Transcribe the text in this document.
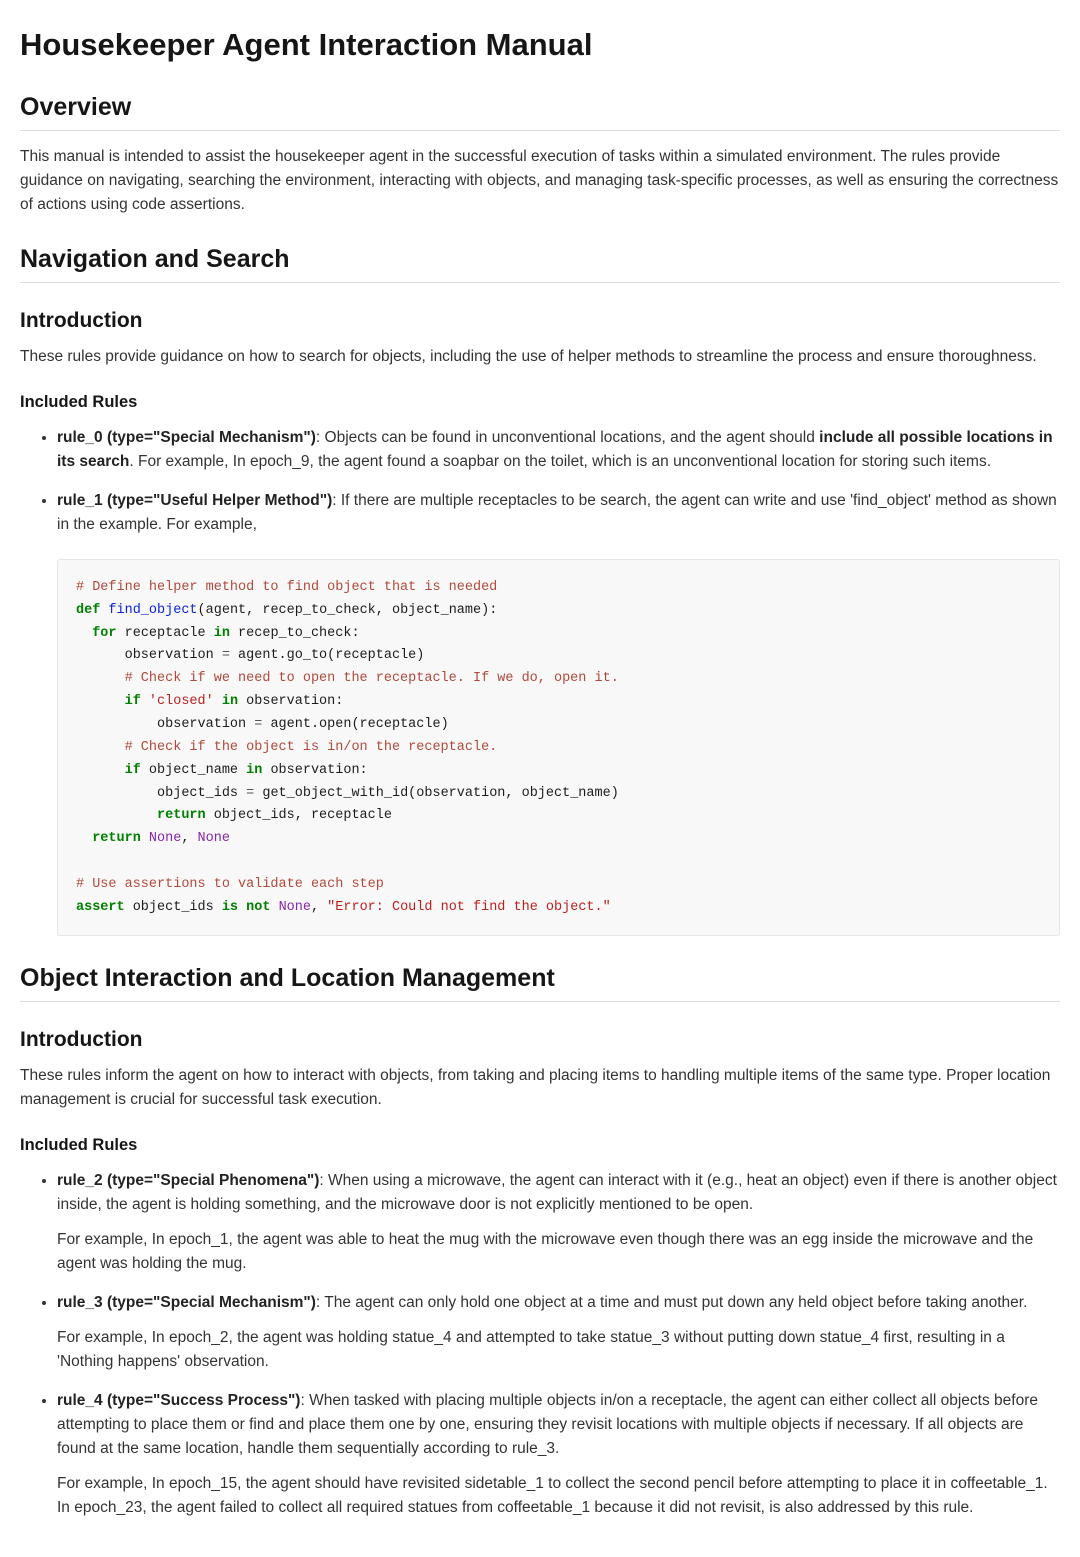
Housekeeper Agent Interaction Manual
Overview

This manual is intended to assist the housekeeper agent in the successful execution of tasks within a simulated environment. The rules provide guidance on navigating, searching the environment, interacting with objects, and managing task-specific processes, as well as ensuring the correctness of actions using code assertions.

Navigation and Search
Introduction

These rules provide guidance on how to search for objects, including the use of helper methods to streamline the process and ensure thoroughness.

Included Rules

• rule_0 (type="Special Mechanism"): Objects can be found in unconventional locations, and the agent should include all possible locations in its search. For example, In epoch_9, the agent found a soapbar on the toilet, which is an unconventional location for storing such items.

• rule_1 (type="Useful Helper Method"): If there are multiple receptacles to be search, the agent can write and use 'find_object' method as shown in the example. For example,

# Define helper method to find object that is needed
def find_object(agent, recep_to_check, object_name):
for receptacle in recep_to_check:
observation = agent.go_to(receptacle)
# Check if we need to open the receptacle. If we do, open it.
if 'closed' in observation:
observation = agent.open(receptacle)
# Check if the object is in/on the receptacle.
if object_name in observation:
object_ids = get_object_with_id(observation, object_name)
return object_ids, receptacle
return None, None

# Use assertions to validate each step
assert object_ids is not None, "Error: Could not find the object."

Object Interaction and Location Management
Introduction

These rules inform the agent on how to interact with objects, from taking and placing items to handling multiple items of the same type. Proper location management is crucial for successful task execution.

Included Rules

• rule_2 (type="Special Phenomena"): When using a microwave, the agent can interact with it (e.g., heat an object) even if there is another object inside, the agent is holding something, and the microwave door is not explicitly mentioned to be open.

For example, In epoch_1, the agent was able to heat the mug with the microwave even though there was an egg inside the microwave and the agent was holding the mug.

• rule_3 (type="Special Mechanism"): The agent can only hold one object at a time and must put down any held object before taking another.

For example, In epoch_2, the agent was holding statue_4 and attempted to take statue_3 without putting down statue_4 first, resulting in a 'Nothing happens' observation.

• rule_4 (type="Success Process"): When tasked with placing multiple objects in/on a receptacle, the agent can either collect all objects before attempting to place them or find and place them one by one, ensuring they revisit locations with multiple objects if necessary. If all objects are found at the same location, handle them sequentially according to rule_3.

For example, In epoch_15, the agent should have revisited sidetable_1 to collect the second pencil before attempting to place it in coffeetable_1. In epoch_23, the agent failed to collect all required statues from coffeetable_1 because it did not revisit, is also addressed by this rule.
